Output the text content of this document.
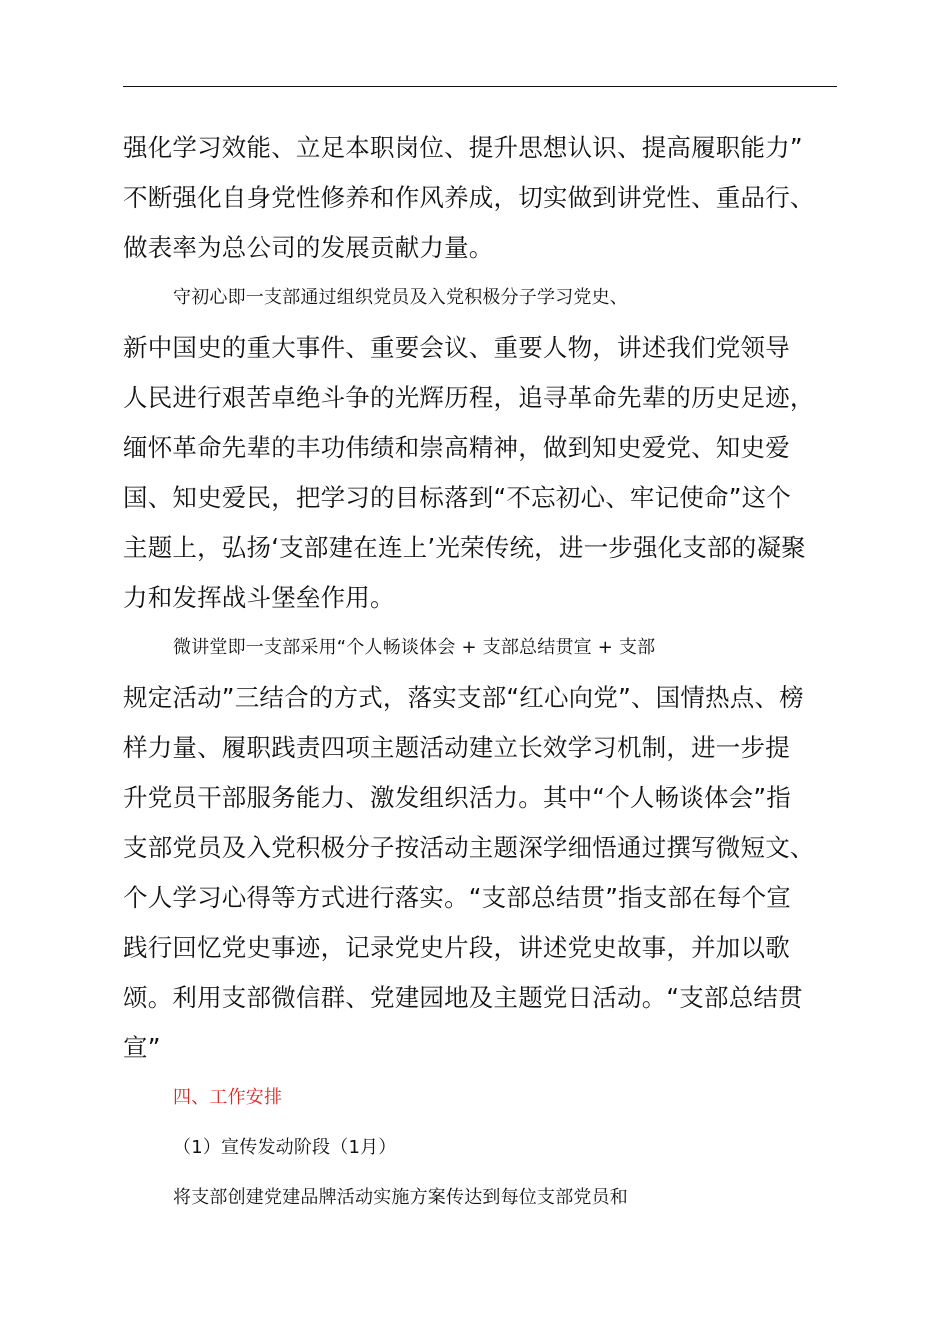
强化学习效能、立足本职岗位、提升思想认识、提高履职能力”
不断强化自身党性修养和作风养成，切实做到讲党性、重品行、
做表率为总公司的发展贡献力量。
守初心即一支部通过组织党员及入党积极分子学习党史、
新中国史的重大事件、重要会议、重要人物，讲述我们党领导
人民进行艰苦卓绝斗争的光辉历程，追寻革命先辈的历史足迹，
缅怀革命先辈的丰功伟绩和崇高精神，做到知史爱党、知史爱
国、知史爱民，把学习的目标落到“不忘初心、牢记使命”这个
主题上，弘扬‘支部建在连上’光荣传统，进一步强化支部的凝聚
力和发挥战斗堡垒作用。
微讲堂即一支部采用“个人畅谈体会 + 支部总结贯宣 + 支部
规定活动”三结合的方式，落实支部“红心向党”、国情热点、榜
样力量、履职践责四项主题活动建立长效学习机制，进一步提
升党员干部服务能力、激发组织活力。其中“个人畅谈体会”指
支部党员及入党积极分子按活动主题深学细悟通过撰写微短文、
个人学习心得等方式进行落实。“支部总结贯”指支部在每个宣
践行回忆党史事迹，记录党史片段，讲述党史故事，并加以歌
颂。利用支部微信群、党建园地及主题党日活动。“支部总结贯
宣”
四、工作安排
（1）宣传发动阶段（1月）
将支部创建党建品牌活动实施方案传达到每位支部党员和
